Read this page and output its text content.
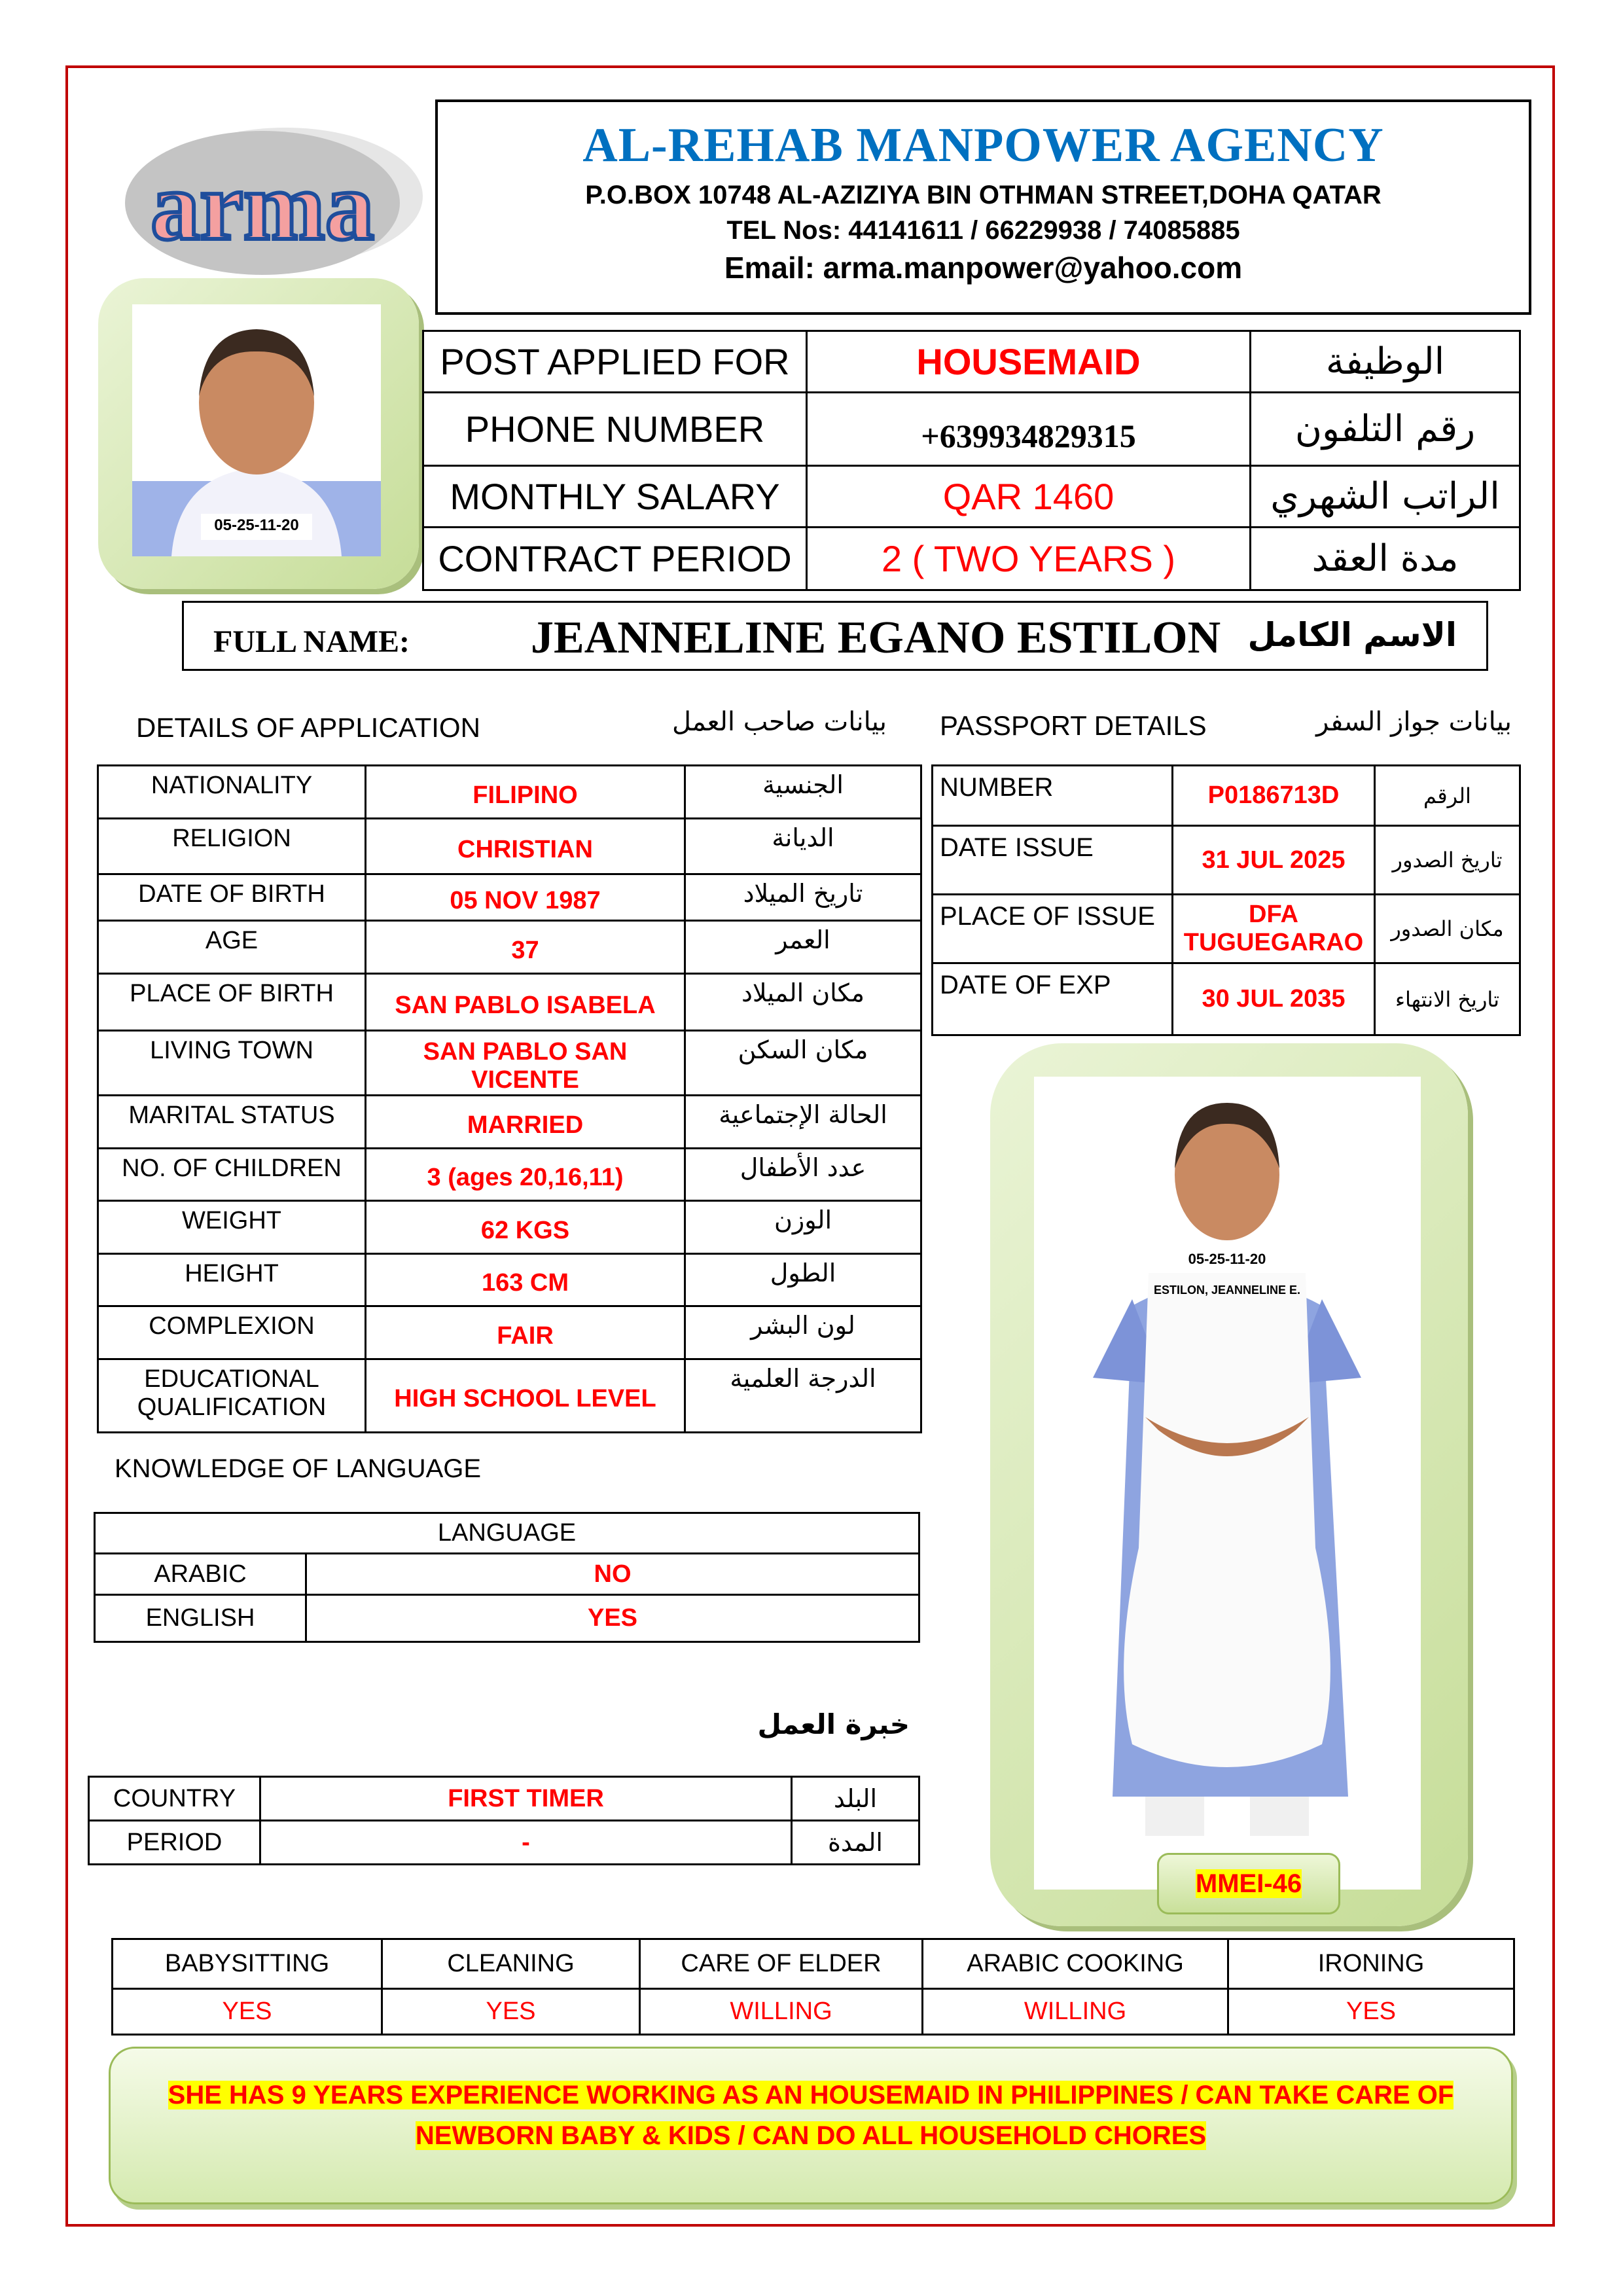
arma
AL-REHAB MANPOWER AGENCY
P.O.BOX 10748 AL-AZIZIYA BIN OTHMAN STREET,DOHA QATAR
TEL Nos: 44141611 / 66229938 / 74085885
Email: arma.manpower@yahoo.com
05-25-11-20
POST APPLIED FOR	HOUSEMAID	الوظيفة
PHONE NUMBER	+639934829315	رقم التلفون
MONTHLY SALARY	QAR 1460	الراتب الشهري
CONTRACT PERIOD	2 ( TWO YEARS )	مدة العقد
FULL NAME:	JEANNELINE EGANO ESTILON الاسم الكامل
DETAILS OF APPLICATION	بيانات صاحب العمل PASSPORT DETAILS	بيانات جواز السفر
NATIONALITY	FILIPINO	الجنسية
RELIGION	CHRISTIAN	الديانة
DATE OF BIRTH	05 NOV 1987	تاريخ الميلاد
AGE	37	العمر
PLACE OF BIRTH	SAN PABLO ISABELA	مكان الميلاد
LIVING TOWN	SAN PABLO SAN VICENTE	مكان السكن
MARITAL STATUS	MARRIED	الحالة الإجتماعية
NO. OF CHILDREN	3 (ages 20,16,11)	عدد الأطفال
WEIGHT	62 KGS	الوزن
HEIGHT	163 CM	الطول
COMPLEXION	FAIR	لون البشر
EDUCATIONAL QUALIFICATION	HIGH SCHOOL LEVEL	الدرجة العلمية
NUMBER	P0186713D	الرقم
DATE ISSUE	31 JUL 2025	تاريخ الصدور
PLACE OF ISSUE	DFA TUGUEGARAO	مكان الصدور
DATE OF EXP	30 JUL 2035	تاريخ الانتهاء
05-25-11-20
ESTILON, JEANNELINE E.
MMEI-46
KNOWLEDGE OF LANGUAGE
LANGUAGE	
ARABIC	NO
ENGLISH	YES
خبرة العمل
COUNTRY	FIRST TIMER	البلد
PERIOD	-	المدة
BABYSITTING	CLEANING	CARE OF ELDER	ARABIC COOKING	IRONING
YES	YES	WILLING	WILLING	YES
SHE HAS 9 YEARS EXPERIENCE WORKING AS AN HOUSEMAID IN PHILIPPINES / CAN TAKE CARE OF
NEWBORN BABY & KIDS / CAN DO ALL HOUSEHOLD CHORES
